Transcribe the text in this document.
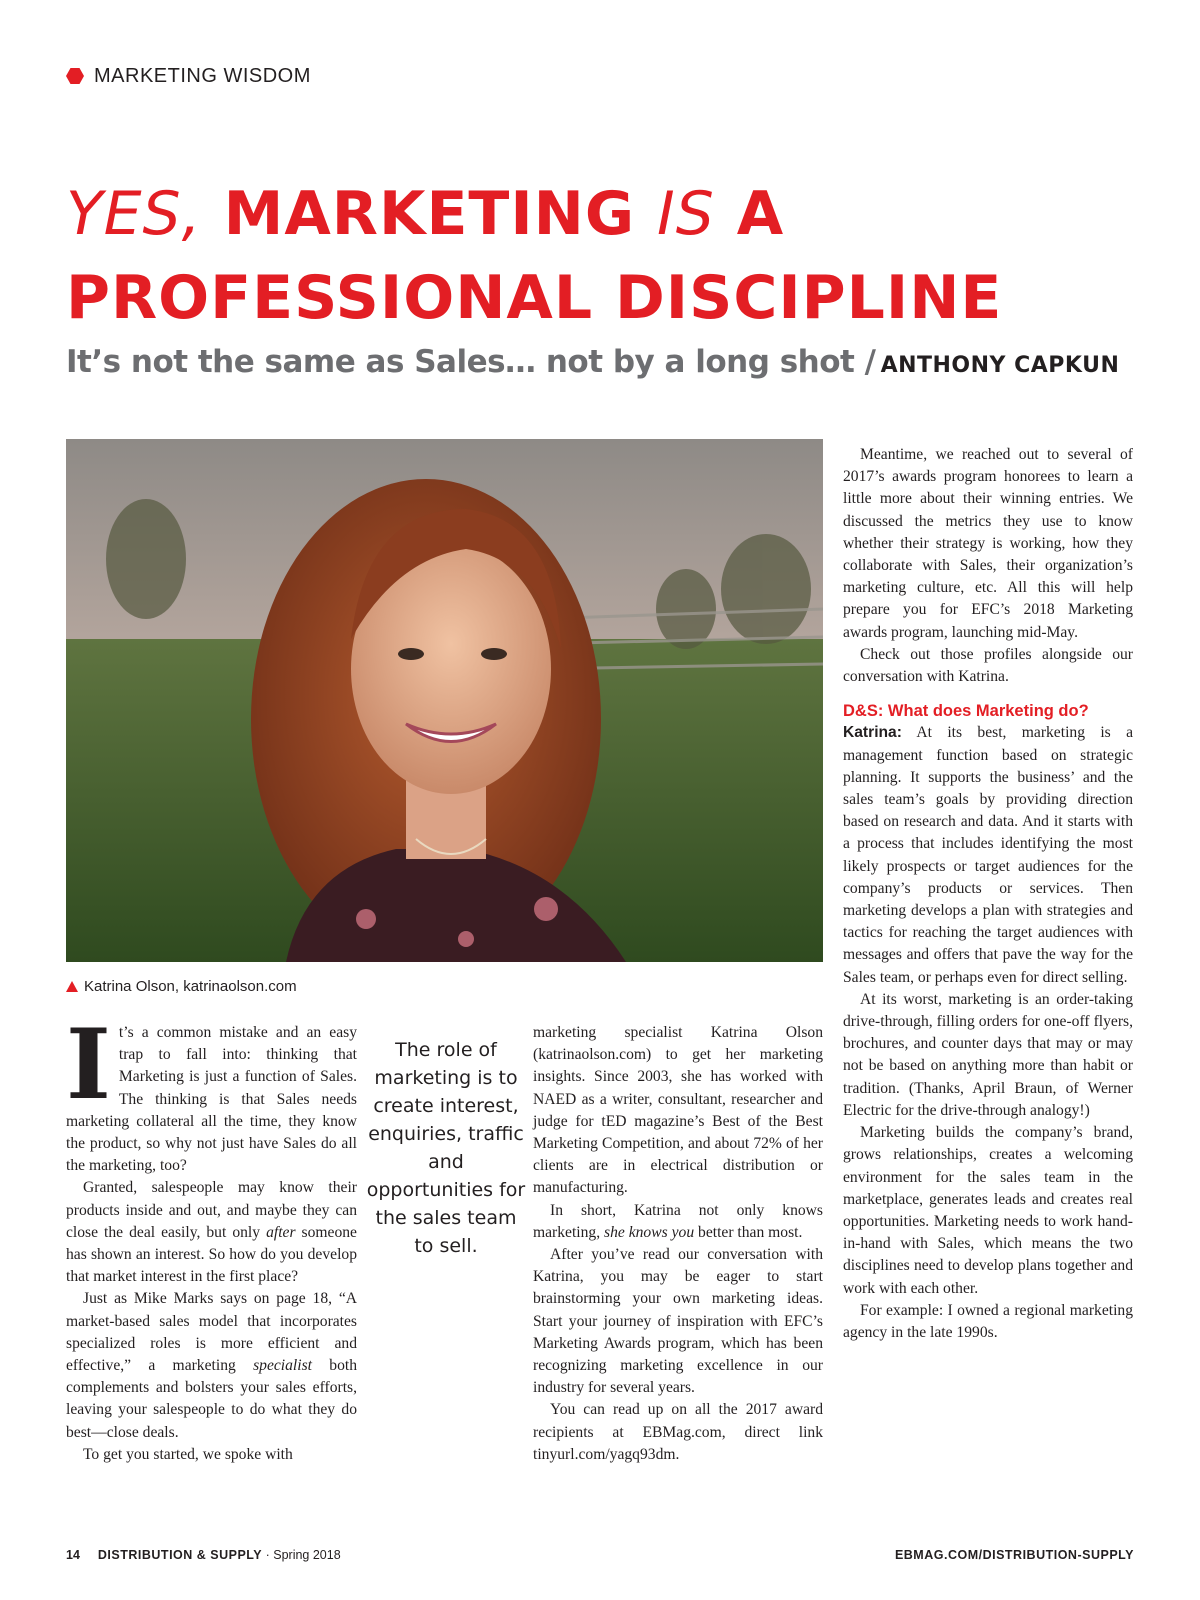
MARKETING WISDOM
YES, MARKETING IS A
PROFESSIONAL DISCIPLINE
It’s not the same as Sales… not by a long shot / ANTHONY CAPKUN
Katrina Olson, katrinaolson.com

It’s a common mistake and an easy trap to fall into: thinking that Marketing is just a function of Sales. The thinking is that Sales needs marketing collateral all the time, they know the product, so why not just have Sales do all the marketing, too?

Granted, salespeople may know their products inside and out, and maybe they can close the deal easily, but only after someone has shown an interest. So how do you develop that market interest in the first place?

Just as Mike Marks says on page 18, “A market-based sales model that incorporates specialized roles is more efficient and effective,” a marketing specialist both complements and bolsters your sales efforts, leaving your salespeople to do what they do best—close deals.

To get you started, we spoke with

The role of marketing is to create interest, enquiries, traffic and opportunities for the sales team to sell.

marketing specialist Katrina Olson (katrinaolson.com) to get her marketing insights. Since 2003, she has worked with NAED as a writer, consultant, researcher and judge for tED magazine’s Best of the Best Marketing Competition, and about 72% of her clients are in electrical distribution or manufacturing.

In short, Katrina not only knows marketing, she knows you better than most.

After you’ve read our conversation with Katrina, you may be eager to start brainstorming your own marketing ideas. Start your journey of inspiration with EFC’s Marketing Awards program, which has been recognizing marketing excellence in our industry for several years.

You can read up on all the 2017 award recipients at EBMag.com, direct link tinyurl.com/yagq93dm.

Meantime, we reached out to several of 2017’s awards program honorees to learn a little more about their winning entries. We discussed the metrics they use to know whether their strategy is working, how they collaborate with Sales, their organization’s marketing culture, etc. All this will help prepare you for EFC’s 2018 Marketing awards program, launching mid-May.

Check out those profiles alongside our conversation with Katrina.

D&S: What does Marketing do?

Katrina: At its best, marketing is a management function based on strategic planning. It supports the business’ and the sales team’s goals by providing direction based on research and data. And it starts with a process that includes identifying the most likely prospects or target audiences for the company’s products or services. Then marketing develops a plan with strategies and tactics for reaching the target audiences with messages and offers that pave the way for the Sales team, or perhaps even for direct selling.

At its worst, marketing is an order-taking drive-through, filling orders for one-off flyers, brochures, and counter days that may or may not be based on anything more than habit or tradition. (Thanks, April Braun, of Werner Electric for the drive-through analogy!)

Marketing builds the company’s brand, grows relationships, creates a welcoming environment for the sales team in the marketplace, generates leads and creates real opportunities. Marketing needs to work hand-in-hand with Sales, which means the two disciplines need to develop plans together and work with each other.

For example: I owned a regional marketing agency in the late 1990s.

14 DISTRIBUTION & SUPPLY · Spring 2018	EBMAG.COM/DISTRIBUTION-SUPPLY
